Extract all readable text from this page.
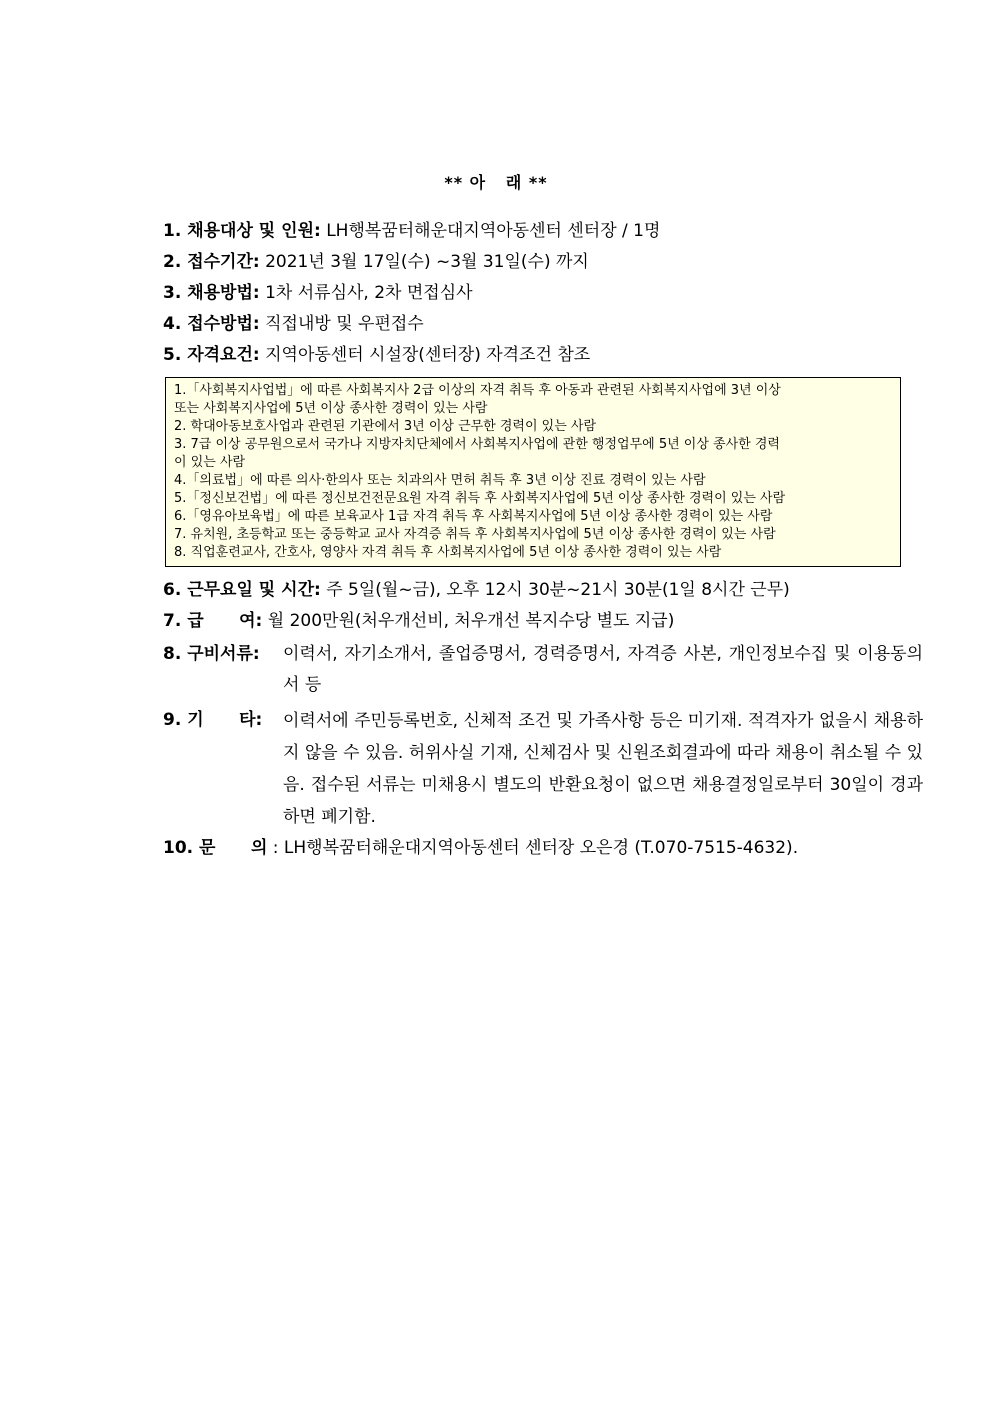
** 아   래 **
1. 채용대상 및 인원: LH행복꿈터해운대지역아동센터 센터장 / 1명
2. 접수기간: 2021년 3월 17일(수) ~3월 31일(수) 까지
3. 채용방법: 1차 서류심사, 2차 면접심사
4. 접수방법: 직접내방 및 우편접수
5. 자격요건: 지역아동센터 시설장(센터장) 자격조건 참조
1.「사회복지사업법」에 따른 사회복지사 2급 이상의 자격 취득 후 아동과 관련된 사회복지사업에 3년 이상
또는 사회복지사업에 5년 이상 종사한 경력이 있는 사람
2. 학대아동보호사업과 관련된 기관에서 3년 이상 근무한 경력이 있는 사람
3. 7급 이상 공무원으로서 국가나 지방자치단체에서 사회복지사업에 관한 행정업무에 5년 이상 종사한 경력
이 있는 사람
4.「의료법」에 따른 의사·한의사 또는 치과의사 면허 취득 후 3년 이상 진료 경력이 있는 사람
5.「정신보건법」에 따른 정신보건전문요원 자격 취득 후 사회복지사업에 5년 이상 종사한 경력이 있는 사람
6.「영유아보육법」에 따른 보육교사 1급 자격 취득 후 사회복지사업에 5년 이상 종사한 경력이 있는 사람
7. 유치원, 초등학교 또는 중등학교 교사 자격증 취득 후 사회복지사업에 5년 이상 종사한 경력이 있는 사람
8. 직업훈련교사, 간호사, 영양사 자격 취득 후 사회복지사업에 5년 이상 종사한 경력이 있는 사람
6. 근무요일 및 시간: 주 5일(월~금), 오후 12시 30분~21시 30분(1일 8시간 근무)
7. 급      여: 월 200만원(처우개선비, 처우개선 복지수당 별도 지급)
8. 구비서류:	이력서, 자기소개서, 졸업증명서, 경력증명서, 자격증 사본, 개인정보수집 및 이용동의서 등
9. 기      타:	이력서에 주민등록번호, 신체적 조건 및 가족사항 등은 미기재. 적격자가 없을시 채용하지 않을 수 있음. 허위사실 기재, 신체검사 및 신원조회결과에 따라 채용이 취소될 수 있음. 접수된 서류는 미채용시 별도의 반환요청이 없으면 채용결정일로부터 30일이 경과하면 폐기함.
10. 문      의 : LH행복꿈터해운대지역아동센터 센터장 오은경 (T.070-7515-4632).
